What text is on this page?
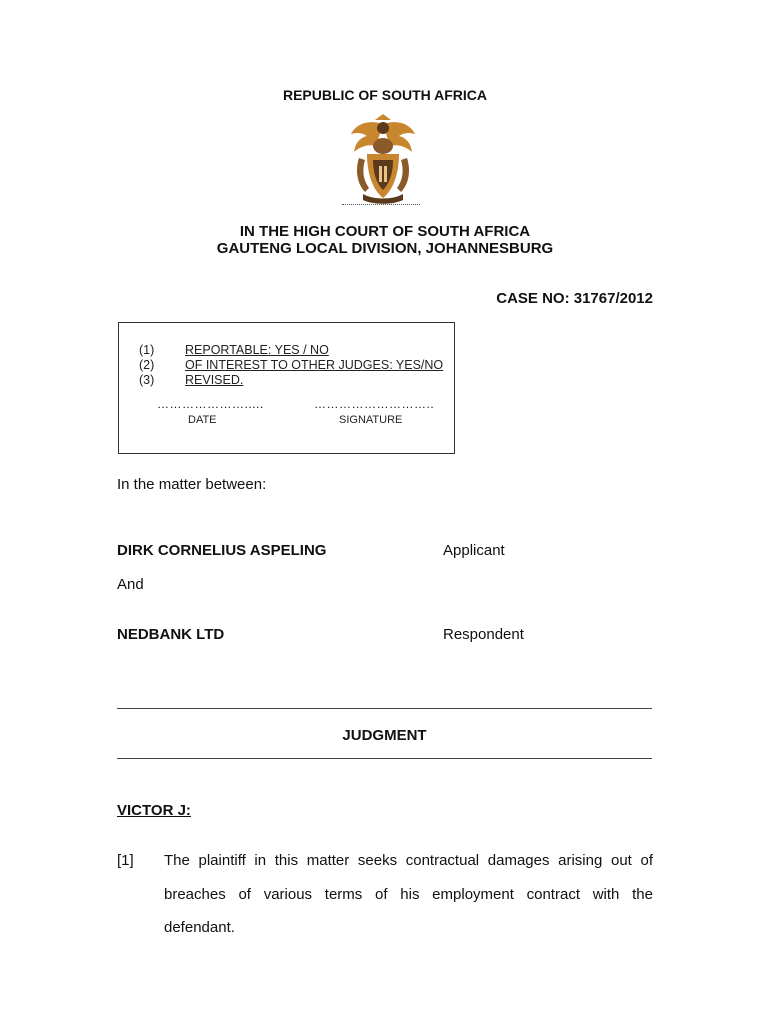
REPUBLIC OF SOUTH AFRICA
IN THE HIGH COURT OF SOUTH AFRICA
GAUTENG LOCAL DIVISION, JOHANNESBURG
CASE NO: 31767/2012
(1) REPORTABLE: YES / NO
(2) OF INTEREST TO OTHER JUDGES: YES/NO
(3) REVISED.
………………….....	………………………..
DATE	SIGNATURE
In the matter between:
DIRK CORNELIUS ASPELING	Applicant
And
NEDBANK LTD	Respondent
JUDGMENT
VICTOR J:
[1] The plaintiff in this matter seeks contractual damages arising out of
breaches of various terms of his employment contract with the
defendant.
